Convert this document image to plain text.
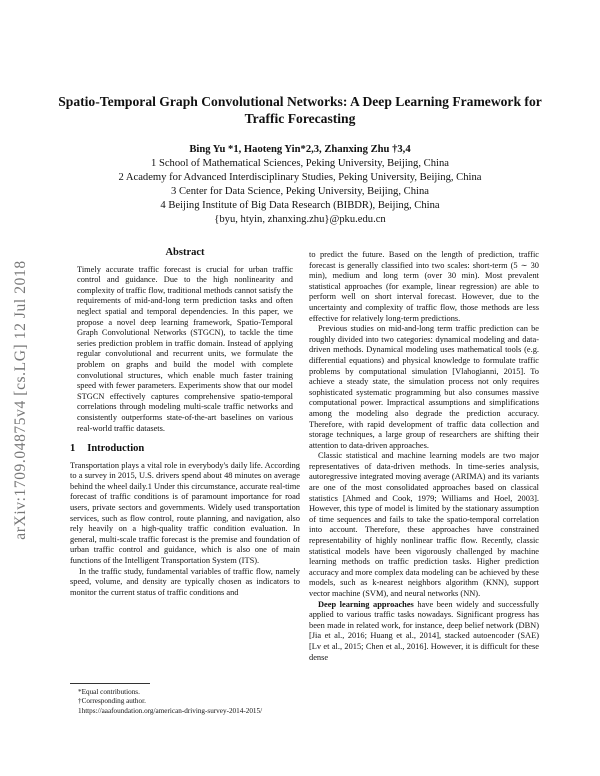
arXiv:1709.04875v4 [cs.LG] 12 Jul 2018
Spatio-Temporal Graph Convolutional Networks: A Deep Learning Framework for Traffic Forecasting
Bing Yu *1, Haoteng Yin*2,3, Zhanxing Zhu †3,4
1 School of Mathematical Sciences, Peking University, Beijing, China
2 Academy for Advanced Interdisciplinary Studies, Peking University, Beijing, China
3 Center for Data Science, Peking University, Beijing, China
4 Beijing Institute of Big Data Research (BIBDR), Beijing, China
{byu, htyin, zhanxing.zhu}@pku.edu.cn
Abstract

Timely accurate traffic forecast is crucial for urban traffic control and guidance. Due to the high nonlinearity and complexity of traffic flow, traditional methods cannot satisfy the requirements of mid-and-long term prediction tasks and often neglect spatial and temporal dependencies. In this paper, we propose a novel deep learning framework, Spatio-Temporal Graph Convolutional Networks (STGCN), to tackle the time series prediction problem in traffic domain. Instead of applying regular convolutional and recurrent units, we formulate the problem on graphs and build the model with complete convolutional structures, which enable much faster training speed with fewer parameters. Experiments show that our model STGCN effectively captures comprehensive spatio-temporal correlations through modeling multi-scale traffic networks and consistently outperforms state-of-the-art baselines on various real-world traffic datasets.

1 Introduction

Transportation plays a vital role in everybody's daily life. According to a survey in 2015, U.S. drivers spend about 48 minutes on average behind the wheel daily.1 Under this circumstance, accurate real-time forecast of traffic conditions is of paramount importance for road users, private sectors and governments. Widely used transportation services, such as flow control, route planning, and navigation, also rely heavily on a high-quality traffic condition evaluation. In general, multi-scale traffic forecast is the premise and foundation of urban traffic control and guidance, which is also one of main functions of the Intelligent Transportation System (ITS).

In the traffic study, fundamental variables of traffic flow, namely speed, volume, and density are typically chosen as indicators to monitor the current status of traffic conditions and

to predict the future. Based on the length of prediction, traffic forecast is generally classified into two scales: short-term (5 ∼ 30 min), medium and long term (over 30 min). Most prevalent statistical approaches (for example, linear regression) are able to perform well on short interval forecast. However, due to the uncertainty and complexity of traffic flow, those methods are less effective for relatively long-term predictions.

Previous studies on mid-and-long term traffic prediction can be roughly divided into two categories: dynamical modeling and data-driven methods. Dynamical modeling uses mathematical tools (e.g. differential equations) and physical knowledge to formulate traffic problems by computational simulation [Vlahogianni, 2015]. To achieve a steady state, the simulation process not only requires sophisticated systematic programming but also consumes massive computational power. Impractical assumptions and simplifications among the modeling also degrade the prediction accuracy. Therefore, with rapid development of traffic data collection and storage techniques, a large group of researchers are shifting their attention to data-driven approaches.

Classic statistical and machine learning models are two major representatives of data-driven methods. In time-series analysis, autoregressive integrated moving average (ARIMA) and its variants are one of the most consolidated approaches based on classical statistics [Ahmed and Cook, 1979; Williams and Hoel, 2003]. However, this type of model is limited by the stationary assumption of time sequences and fails to take the spatio-temporal correlation into account. Therefore, these approaches have constrained representability of highly nonlinear traffic flow. Recently, classic statistical models have been vigorously challenged by machine learning methods on traffic prediction tasks. Higher prediction accuracy and more complex data modeling can be achieved by these models, such as k-nearest neighbors algorithm (KNN), support vector machine (SVM), and neural networks (NN).

Deep learning approaches have been widely and successfully applied to various traffic tasks nowadays. Significant progress has been made in related work, for instance, deep belief network (DBN) [Jia et al., 2016; Huang et al., 2014], stacked autoencoder (SAE) [Lv et al., 2015; Chen et al., 2016]. However, it is difficult for these dense

*Equal contributions.

†Corresponding author.

1https://aaafoundation.org/american-driving-survey-2014-2015/
